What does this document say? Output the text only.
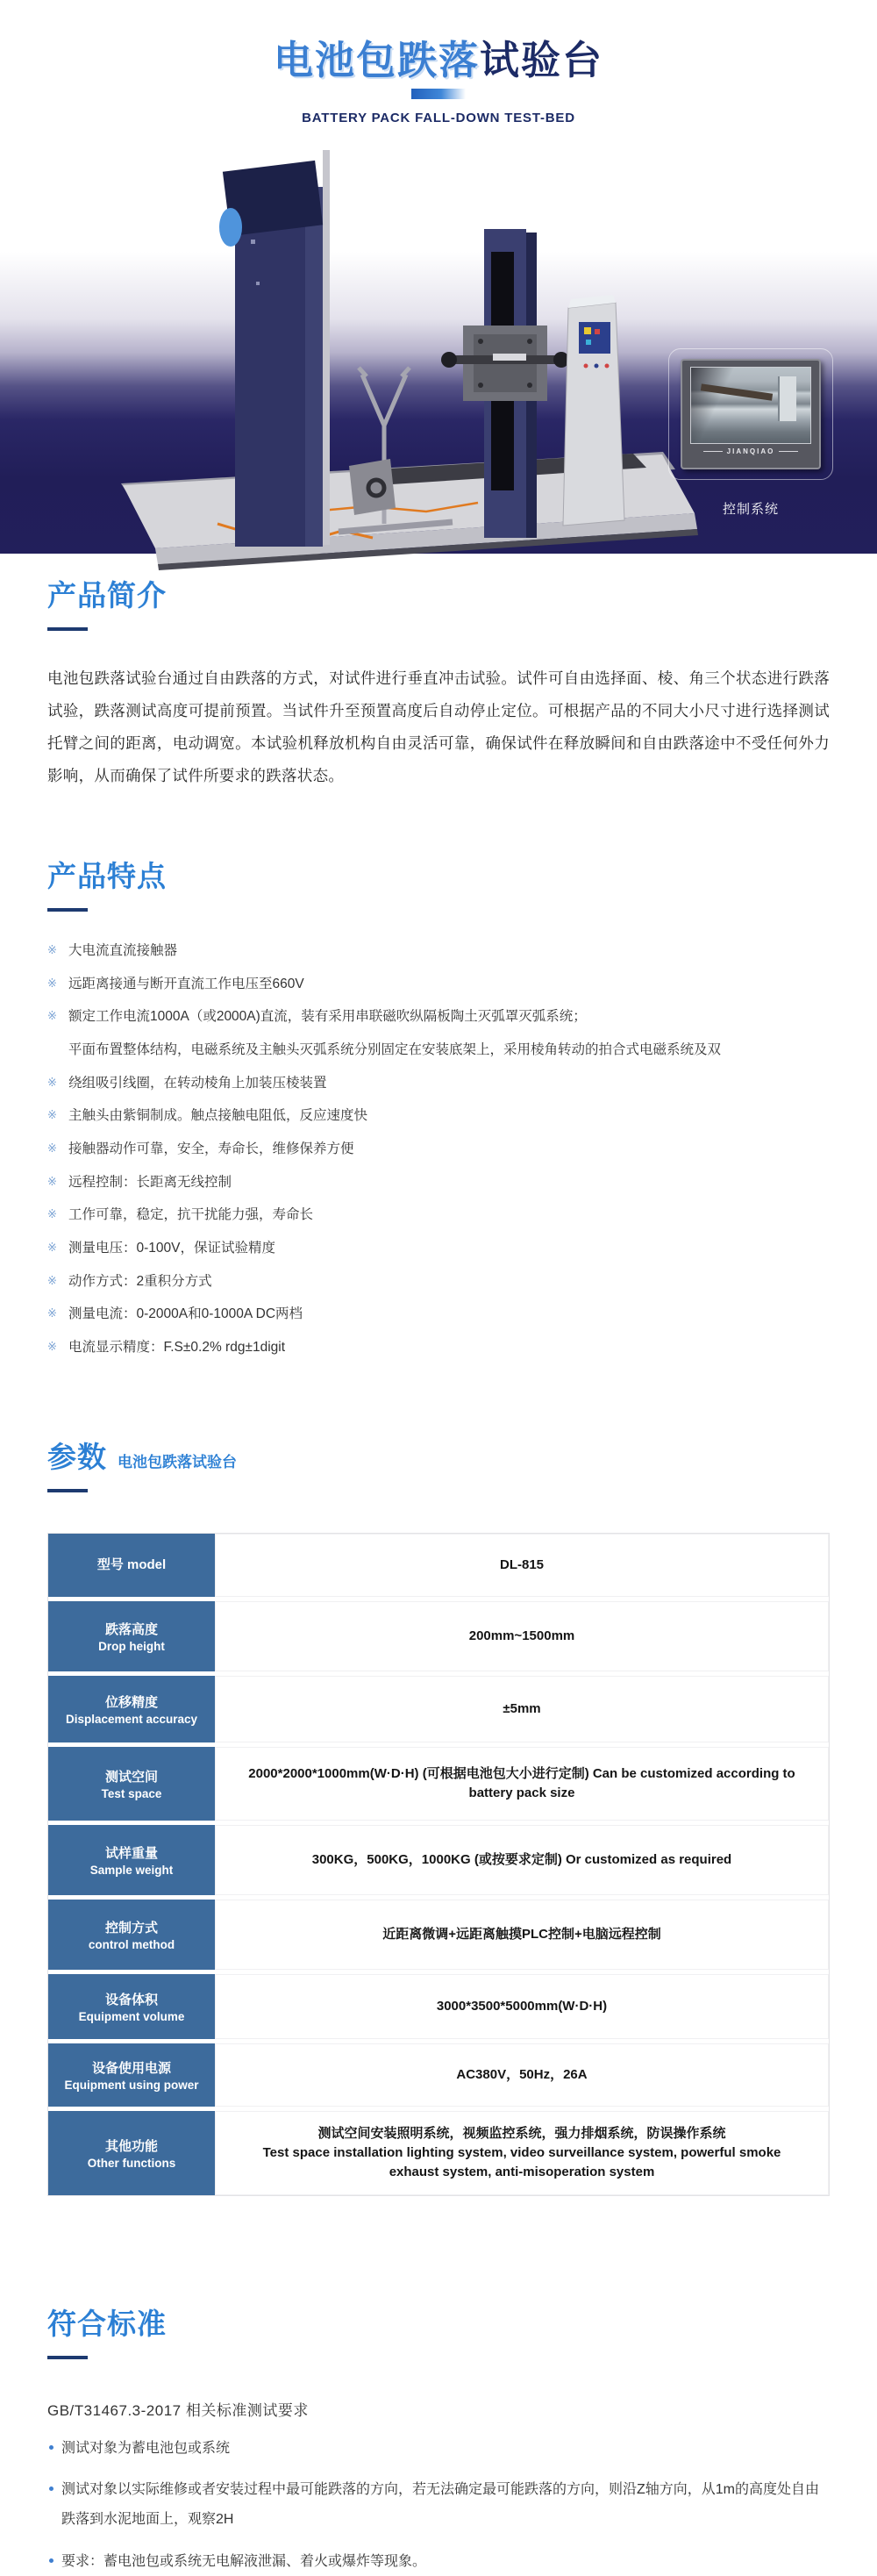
电池包跌落试验台
BATTERY PACK FALL-DOWN TEST-BED
JIANQIAO
控制系统
产品简介

电池包跌落试验台通过自由跌落的方式，对试件进行垂直冲击试验。试件可自由选择面、棱、角三个状态进行跌落试验，跌落测试高度可提前预置。当试件升至预置高度后自动停止定位。可根据产品的不同大小尺寸进行选择测试托臂之间的距离，电动调宽。本试验机释放机构自由灵活可靠，确保试件在释放瞬间和自由跌落途中不受任何外力影响，从而确保了试件所要求的跌落状态。

产品特点
※ 大电流直流接触器
※ 远距离接通与断开直流工作电压至660V
※ 额定工作电流1000A（或2000A)直流，装有采用串联磁吹纵隔板陶土灭弧罩灭弧系统；
平面布置整体结构，电磁系统及主触头灭弧系统分别固定在安装底架上，采用棱角转动的拍合式电磁系统及双
※ 绕组吸引线圈，在转动棱角上加装压棱装置
※ 主触头由紫铜制成。触点接触电阻低，反应速度快
※ 接触器动作可靠，安全，寿命长，维修保养方便
※ 远程控制：长距离无线控制
※ 工作可靠，稳定，抗干扰能力强，寿命长
※ 测量电压：0-100V，保证试验精度
※ 动作方式：2重积分方式
※ 测量电流：0-2000A和0-1000A DC两档
※ 电流显示精度：F.S±0.2% rdg±1digit
参数 电池包跌落试验台
型号 model	DL-815
跌落高度
Drop height
200mm~1500mm
位移精度
Displacement accuracy
±5mm
测试空间
Test space
2000*2000*1000mm(W·D·H) (可根据电池包大小进行定制) Can be customized according to battery pack size
试样重量
Sample weight
300KG，500KG，1000KG (或按要求定制) Or customized as required
控制方式
control method
近距离微调+远距离触摸PLC控制+电脑远程控制
设备体积
Equipment volume
3000*3500*5000mm(W·D·H)
设备使用电源
Equipment using power
AC380V，50Hz，26A
其他功能
Other functions
测试空间安装照明系统，视频监控系统，强力排烟系统，防误操作系统
Test space installation lighting system, video surveillance system, powerful smoke exhaust system, anti-misoperation system
符合标准
GB/T31467.3-2017 相关标准测试要求
测试对象为蓄电池包或系统
测试对象以实际维修或者安装过程中最可能跌落的方向，若无法确定最可能跌落的方向，则沿Z轴方向，从1m的高度处自由跌落到水泥地面上，观察2H
要求：蓄电池包或系统无电解液泄漏、着火或爆炸等现象。
